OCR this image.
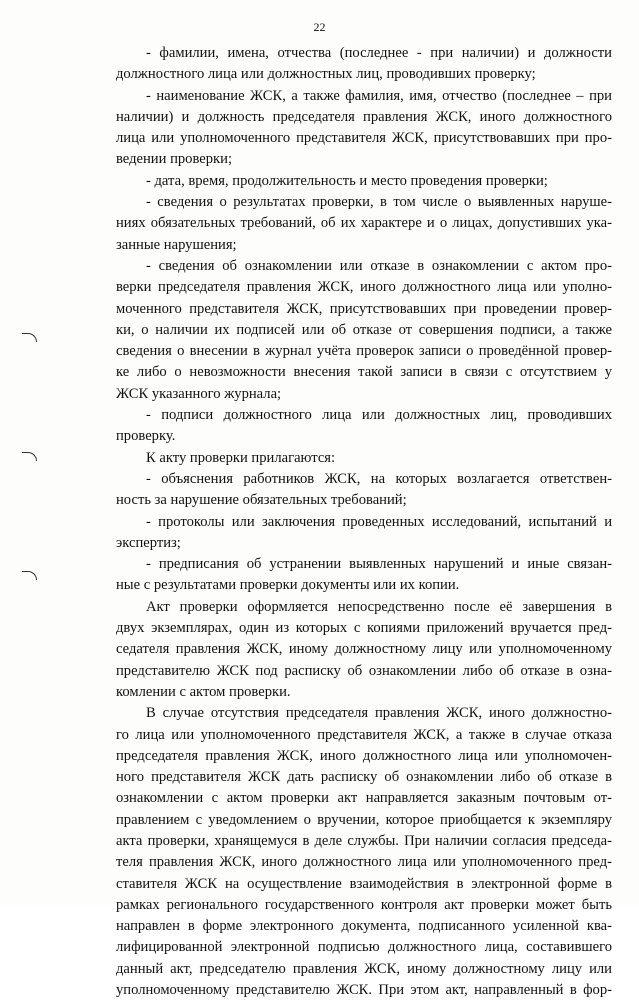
22
- фамилии, имена, отчества (последнее - при наличии) и должности
должностного лица или должностных лиц, проводивших проверку;
- наименование ЖСК, а также фамилия, имя, отчество (последнее – при
наличии) и должность председателя правления ЖСК, иного должностного
лица или уполномоченного представителя ЖСК, присутствовавших при про-
ведении проверки;
- дата, время, продолжительность и место проведения проверки;
- сведения о результатах проверки, в том числе о выявленных наруше-
ниях обязательных требований, об их характере и о лицах, допустивших ука-
занные нарушения;
- сведения об ознакомлении или отказе в ознакомлении с актом про-
верки председателя правления ЖСК, иного должностного лица или уполно-
моченного представителя ЖСК, присутствовавших при проведении провер-
ки, о наличии их подписей или об отказе от совершения подписи, а также
сведения о внесении в журнал учёта проверок записи о проведённой провер-
ке либо о невозможности внесения такой записи в связи с отсутствием у
ЖСК указанного журнала;
- подписи должностного лица или должностных лиц, проводивших
проверку.
К акту проверки прилагаются:
- объяснения работников ЖСК, на которых возлагается ответствен-
ность за нарушение обязательных требований;
- протоколы или заключения проведенных исследований, испытаний и
экспертиз;
- предписания об устранении выявленных нарушений и иные связан-
ные с результатами проверки документы или их копии.
Акт проверки оформляется непосредственно после её завершения в
двух экземплярах, один из которых с копиями приложений вручается пред-
седателя правления ЖСК, иному должностному лицу или уполномоченному
представителю ЖСК под расписку об ознакомлении либо об отказе в озна-
комлении с актом проверки.
В случае отсутствия председателя правления ЖСК, иного должностно-
го лица или уполномоченного представителя ЖСК, а также в случае отказа
председателя правления ЖСК, иного должностного лица или уполномочен-
ного представителя ЖСК дать расписку об ознакомлении либо об отказе в
ознакомлении с актом проверки акт направляется заказным почтовым от-
правлением с уведомлением о вручении, которое приобщается к экземпляру
акта проверки, хранящемуся в деле службы. При наличии согласия председа-
теля правления ЖСК, иного должностного лица или уполномоченного пред-
ставителя ЖСК на осуществление взаимодействия в электронной форме в
рамках регионального государственного контроля акт проверки может быть
направлен в форме электронного документа, подписанного усиленной ква-
лифицированной электронной подписью должностного лица, составившего
данный акт, председателю правления ЖСК, иному должностному лицу или
уполномоченному представителю ЖСК. При этом акт, направленный в фор-
